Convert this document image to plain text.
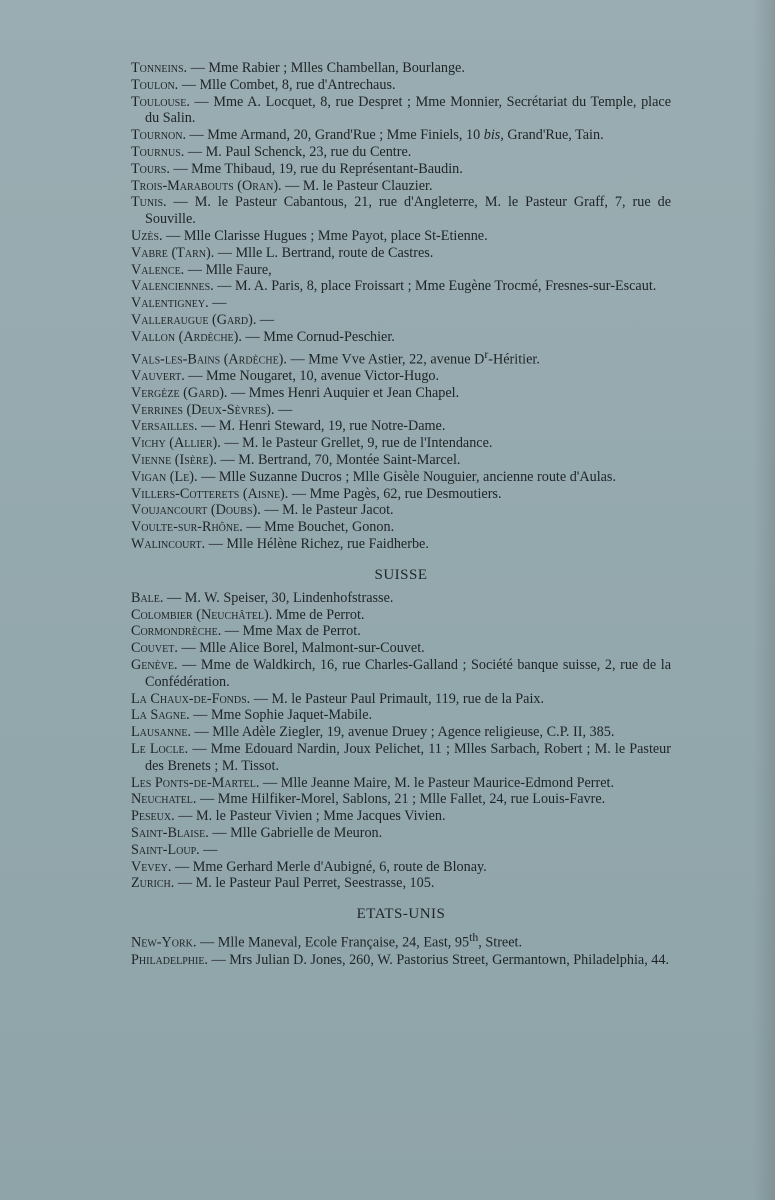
Tonneins. — Mme Rabier ; Mlles Chambellan, Bourlange.
Toulon. — Mlle Combet, 8, rue d'Antrechaus.
Toulouse. — Mme A. Locquet, 8, rue Despret ; Mme Monnier, Secrétariat du Temple, place du Salin.
Tournon. — Mme Armand, 20, Grand'Rue ; Mme Finiels, 10 bis, Grand'Rue, Tain.
Tournus. — M. Paul Schenck, 23, rue du Centre.
Tours. — Mme Thibaud, 19, rue du Représentant-Baudin.
Trois-Marabouts (Oran). — M. le Pasteur Clauzier.
Tunis. — M. le Pasteur Cabantous, 21, rue d'Angleterre, M. le Pasteur Graff, 7, rue de Souville.
Uzès. — Mlle Clarisse Hugues ; Mme Payot, place St-Etienne.
Vabre (Tarn). — Mlle L. Bertrand, route de Castres.
Valence. — Mlle Faure,
Valenciennes. — M. A. Paris, 8, place Froissart ; Mme Eugène Trocmé, Fresnes-sur-Escaut.
Valentigney. —
Valleraugue (Gard). —
Vallon (Ardèche). — Mme Cornud-Peschier.
Vals-les-Bains (Ardèche). — Mme Vve Astier, 22, avenue $D^r$-Héritier.
Vauvert. — Mme Nougaret, 10, avenue Victor-Hugo.
Vergèze (Gard). — Mmes Henri Auquier et Jean Chapel.
Verrines (Deux-Sèvres). —
Versailles. — M. Henri Steward, 19, rue Notre-Dame.
Vichy (Allier). — M. le Pasteur Grellet, 9, rue de l'Intendance.
Vienne (Isère). — M. Bertrand, 70, Montée Saint-Marcel.
Vigan (Le). — Mlle Suzanne Ducros ; Mlle Gisèle Nouguier, ancienne route d'Aulas.
Villers-Cotterets (Aisne). — Mme Pagès, 62, rue Desmoutiers.
Voujancourt (Doubs). — M. le Pasteur Jacot.
Voulte-sur-Rhône. — Mme Bouchet, Gonon.
Walincourt. — Mlle Hélène Richez, rue Faidherbe.
SUISSE
Bale. — M. W. Speiser, 30, Lindenhofstrasse.
Colombier (Neuchâtel). Mme de Perrot.
Cormondrèche. — Mme Max de Perrot.
Couvet. — Mlle Alice Borel, Malmont-sur-Couvet.
Genève. — Mme de Waldkirch, 16, rue Charles-Galland ; Société banque suisse, 2, rue de la Confédération.
La Chaux-de-Fonds. — M. le Pasteur Paul Primault, 119, rue de la Paix.
La Sagne. — Mme Sophie Jaquet-Mabile.
Lausanne. — Mlle Adèle Ziegler, 19, avenue Druey ; Agence religieuse, C.P. II, 385.
Le Locle. — Mme Edouard Nardin, Joux Pelichet, 11 ; Mlles Sarbach, Robert ; M. le Pasteur des Brenets ; M. Tissot.
Les Ponts-de-Martel. — Mlle Jeanne Maire, M. le Pasteur Maurice-Edmond Perret.
Neuchatel. — Mme Hilfiker-Morel, Sablons, 21 ; Mlle Fallet, 24, rue Louis-Favre.
Peseux. — M. le Pasteur Vivien ; Mme Jacques Vivien.
Saint-Blaise. — Mlle Gabrielle de Meuron.
Saint-Loup. —
Vevey. — Mme Gerhard Merle d'Aubigné, 6, route de Blonay.
Zurich. — M. le Pasteur Paul Perret, Seestrasse, 105.
ETATS-UNIS
New-York. — Mlle Maneval, Ecole Française, 24, East, 95th, Street.
Philadelphie. — Mrs Julian D. Jones, 260, W. Pastorius Street, Germantown, Philadelphia, 44.
